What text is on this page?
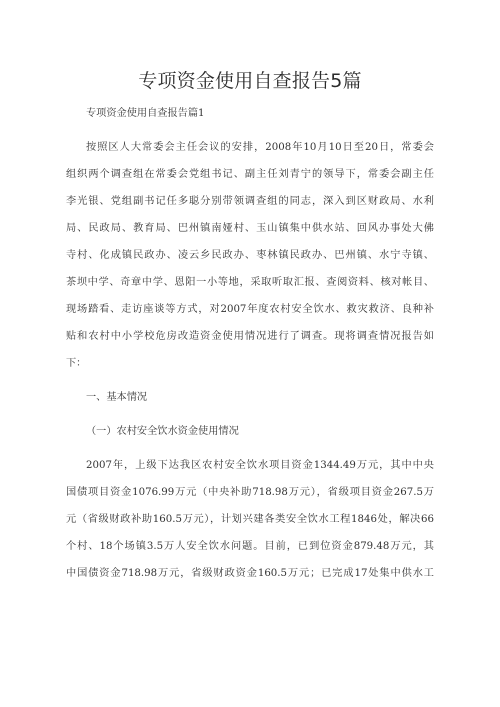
专项资金使用自查报告5篇
专项资金使用自查报告篇1
按照区人大常委会主任会议的安排，2008年10月10日至20日，常委会
组织两个调查组在常委会党组书记、副主任刘青宁的领导下，常委会副主任
李光银、党组副书记任多聪分别带领调查组的同志，深入到区财政局、水利
局、民政局、教育局、巴州镇南娅村、玉山镇集中供水站、回风办事处大佛
寺村、化成镇民政办、凌云乡民政办、枣林镇民政办、巴州镇、水宁寺镇、
茶坝中学、奇章中学、恩阳一小等地，采取听取汇报、查阅资料、核对帐目、
现场踏看、走访座谈等方式，对2007年度农村安全饮水、救灾救济、良种补
贴和农村中小学校危房改造资金使用情况进行了调查。现将调查情况报告如
下：
一、基本情况
（一）农村安全饮水资金使用情况
2007年，上级下达我区农村安全饮水项目资金1344.49万元，其中中央
国债项目资金1076.99万元（中央补助718.98万元），省级项目资金267.5万
元（省级财政补助160.5万元），计划兴建各类安全饮水工程1846处，解决66
个村、18个场镇3.5万人安全饮水问题。目前，已到位资金879.48万元，其
中国债资金718.98万元，省级财政资金160.5万元；已完成17处集中供水工
